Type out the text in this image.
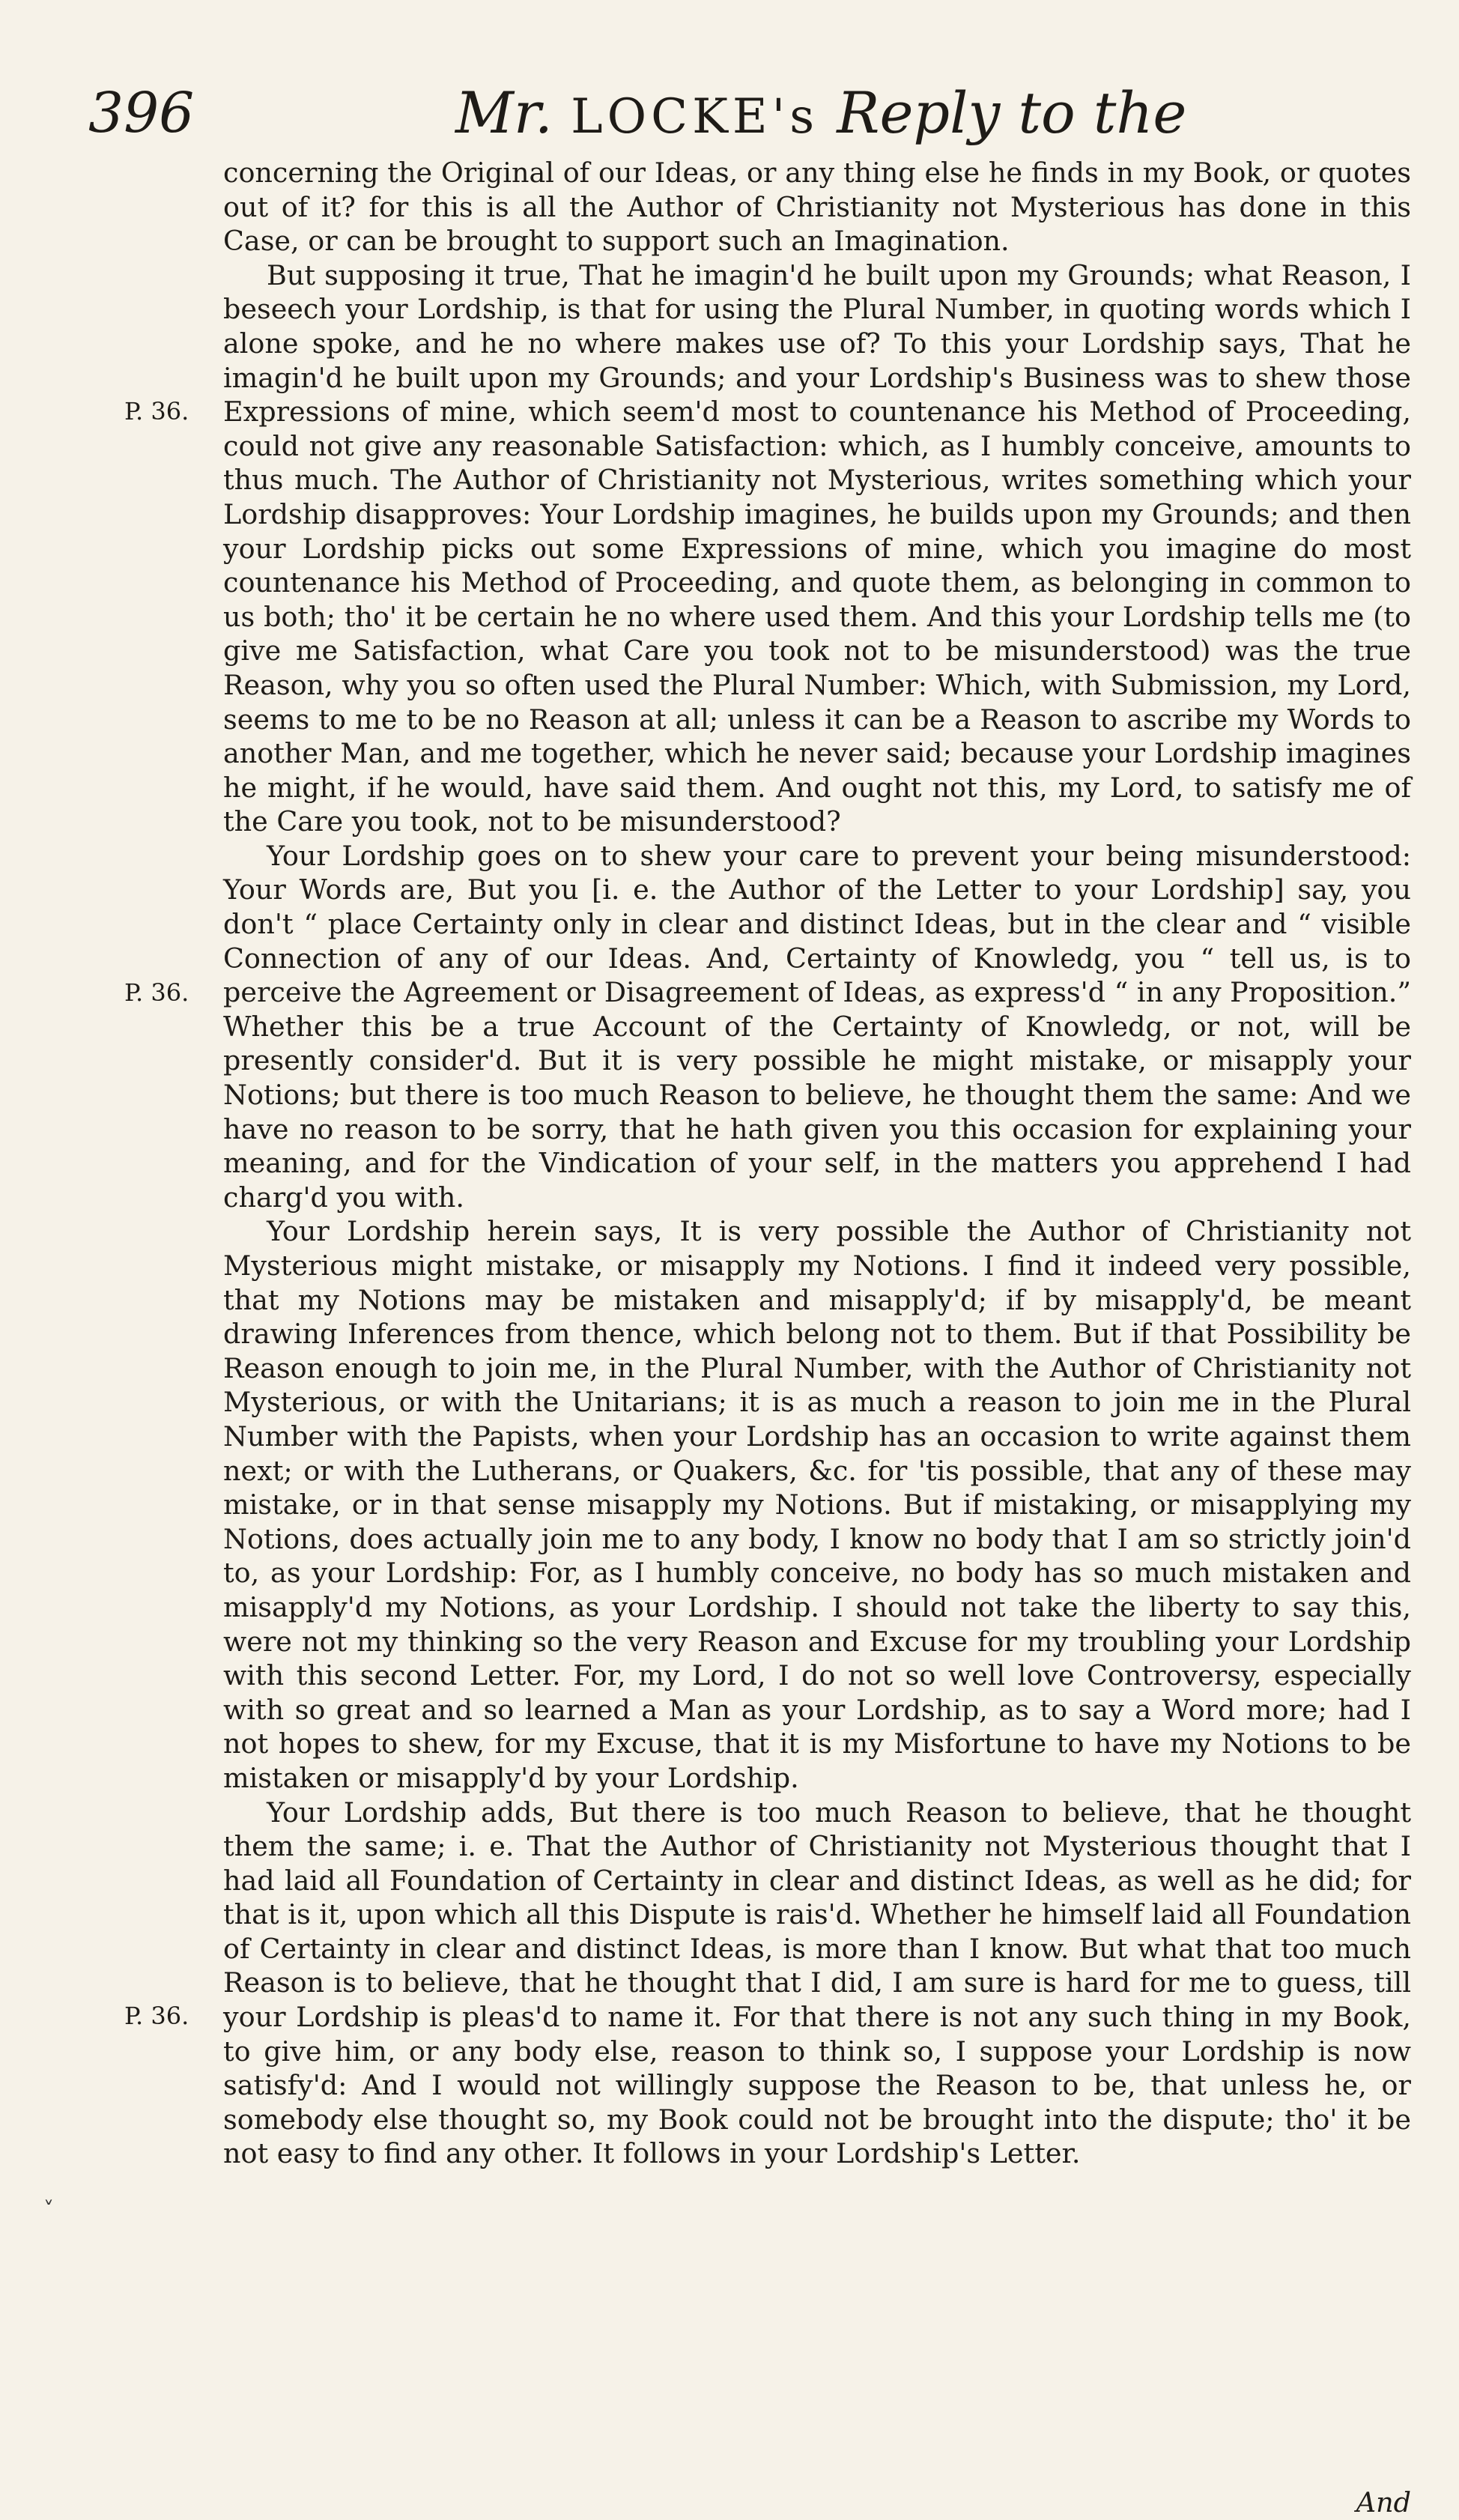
396	Mr. LOCKE's Reply to the
P. 36.
P. 36.
P. 36.
˅

concerning the Original of our Ideas, or any thing else he finds in my Book, or quotes out of it? for this is all the Author of Christianity not Mysterious has done in this Case, or can be brought to support such an Imagination.

But supposing it true, That he imagin'd he built upon my Grounds; what Reason, I beseech your Lordship, is that for using the Plural Number, in quoting words which I alone spoke, and he no where makes use of? To this your Lordship says, That he imagin'd he built upon my Grounds; and your Lordship's Business was to shew those Expressions of mine, which seem'd most to countenance his Method of Proceeding, could not give any reasonable Satisfaction: which, as I humbly conceive, amounts to thus much. The Author of Christianity not Mysterious, writes something which your Lordship disapproves: Your Lordship imagines, he builds upon my Grounds; and then your Lordship picks out some Expressions of mine, which you imagine do most countenance his Method of Proceeding, and quote them, as belonging in common to us both; tho' it be certain he no where used them. And this your Lordship tells me (to give me Satisfaction, what Care you took not to be misunderstood) was the true Reason, why you so often used the Plural Number: Which, with Submission, my Lord, seems to me to be no Reason at all; unless it can be a Reason to ascribe my Words to another Man, and me together, which he never said; because your Lordship imagines he might, if he would, have said them. And ought not this, my Lord, to satisfy me of the Care you took, not to be misunderstood?

Your Lordship goes on to shew your care to prevent your being misunderstood: Your Words are, But you [i. e. the Author of the Letter to your Lordship] say, you don't “ place Certainty only in clear and distinct Ideas, but in the clear and “ visible Connection of any of our Ideas. And, Certainty of Knowledg, you “ tell us, is to perceive the Agreement or Disagreement of Ideas, as express'd “ in any Proposition.” Whether this be a true Account of the Certainty of Knowledg, or not, will be presently consider'd. But it is very possible he might mistake, or misapply your Notions; but there is too much Reason to believe, he thought them the same: And we have no reason to be sorry, that he hath given you this occasion for explaining your meaning, and for the Vindication of your self, in the matters you apprehend I had charg'd you with.

Your Lordship herein says, It is very possible the Author of Christianity not Mysterious might mistake, or misapply my Notions. I find it indeed very possible, that my Notions may be mistaken and misapply'd; if by misapply'd, be meant drawing Inferences from thence, which belong not to them. But if that Possibility be Reason enough to join me, in the Plural Number, with the Author of Christianity not Mysterious, or with the Unitarians; it is as much a reason to join me in the Plural Number with the Papists, when your Lordship has an occasion to write against them next; or with the Lutherans, or Quakers, &c. for 'tis possible, that any of these may mistake, or in that sense misapply my Notions. But if mistaking, or misapplying my Notions, does actually join me to any body, I know no body that I am so strictly join'd to, as your Lordship: For, as I humbly conceive, no body has so much mistaken and misapply'd my Notions, as your Lordship. I should not take the liberty to say this, were not my thinking so the very Reason and Excuse for my troubling your Lordship with this second Letter. For, my Lord, I do not so well love Controversy, especially with so great and so learned a Man as your Lordship, as to say a Word more; had I not hopes to shew, for my Excuse, that it is my Misfortune to have my Notions to be mistaken or misapply'd by your Lordship.

Your Lordship adds, But there is too much Reason to believe, that he thought them the same; i. e. That the Author of Christianity not Mysterious thought that I had laid all Foundation of Certainty in clear and distinct Ideas, as well as he did; for that is it, upon which all this Dispute is rais'd. Whether he himself laid all Foundation of Certainty in clear and distinct Ideas, is more than I know. But what that too much Reason is to believe, that he thought that I did, I am sure is hard for me to guess, till your Lordship is pleas'd to name it. For that there is not any such thing in my Book, to give him, or any body else, reason to think so, I suppose your Lordship is now satisfy'd: And I would not willingly suppose the Reason to be, that unless he, or somebody else thought so, my Book could not be brought into the dispute; tho' it be not easy to find any other. It follows in your Lordship's Letter.

And
